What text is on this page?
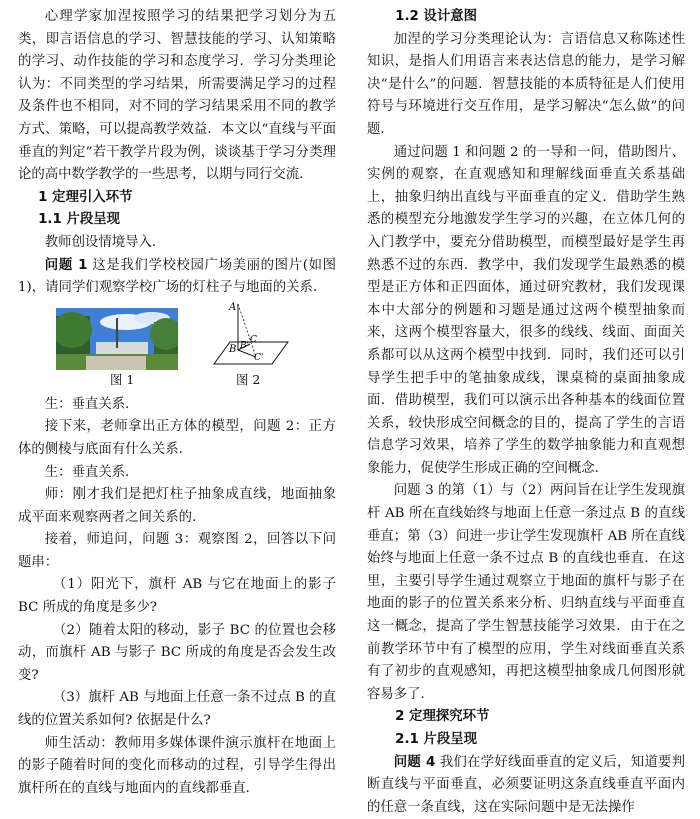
心理学家加涅按照学习的结果把学习划分为五类，即言语信息的学习、智慧技能的学习、认知策略的学习、动作技能的学习和态度学习．学习分类理论认为：不同类型的学习结果，所需要满足学习的过程及条件也不相同，对不同的学习结果采用不同的教学方式、策略，可以提高教学效益．本文以“直线与平面垂直的判定”若干教学片段为例，谈谈基于学习分类理论的高中数学教学的一些思考，以期与同行交流．

1 定理引入环节

1.1 片段呈现

教师创设情境导入．

问题 1 这是我们学校校园广场美丽的图片(如图 1)，请同学们观察学校广场的灯柱子与地面的关系．

A
B B'
C
C'
图 1	图 2

生：垂直关系．

接下来，老师拿出正方体的模型，问题 2：正方体的侧棱与底面有什么关系．

生：垂直关系．

师：刚才我们是把灯柱子抽象成直线，地面抽象成平面来观察两者之间关系的．

接着，师追问，问题 3：观察图 2，回答以下问题串：

（1）阳光下，旗杆 AB 与它在地面上的影子 BC 所成的角度是多少?

（2）随着太阳的移动，影子 BC 的位置也会移动，而旗杆 AB 与影子 BC 所成的角度是否会发生改变?

（3）旗杆 AB 与地面上任意一条不过点 B 的直线的位置关系如何? 依据是什么?

师生活动：教师用多媒体课件演示旗杆在地面上的影子随着时间的变化而移动的过程，引导学生得出旗杆所在的直线与地面内的直线都垂直．

1.2 设计意图

加涅的学习分类理论认为：言语信息又称陈述性知识，是指人们用语言来表达信息的能力，是学习解决“是什么”的问题．智慧技能的本质特征是人们使用符号与环境进行交互作用，是学习解决“怎么做”的问题．

通过问题 1 和问题 2 的一导和一问，借助图片、实例的观察，在直观感知和理解线面垂直关系基础上，抽象归纳出直线与平面垂直的定义．借助学生熟悉的模型充分地激发学生学习的兴趣，在立体几何的入门教学中，要充分借助模型，而模型最好是学生再熟悉不过的东西．教学中，我们发现学生最熟悉的模型是正方体和正四面体，通过研究教材，我们发现课本中大部分的例题和习题是通过这两个模型抽象而来，这两个模型容量大，很多的线线、线面、面面关系都可以从这两个模型中找到．同时，我们还可以引导学生把手中的笔抽象成线，课桌椅的桌面抽象成面．借助模型，我们可以演示出各种基本的线面位置关系，较快形成空间概念的目的，提高了学生的言语信息学习效果，培养了学生的数学抽象能力和直观想象能力，促使学生形成正确的空间概念．

问题 3 的第（1）与（2）两问旨在让学生发现旗杆 AB 所在直线始终与地面上任意一条过点 B 的直线垂直；第（3）问进一步让学生发现旗杆 AB 所在直线始终与地面上任意一条不过点 B 的直线也垂直．在这里，主要引导学生通过观察立于地面的旗杆与影子在地面的影子的位置关系来分析、归纳直线与平面垂直这一概念，提高了学生智慧技能学习效果．由于在之前教学环节中有了模型的应用，学生对线面垂直关系有了初步的直观感知，再把这模型抽象成几何图形就容易多了．

2 定理探究环节

2.1 片段呈现

问题 4 我们在学好线面垂直的定义后，知道要判断直线与平面垂直，必须要证明这条直线垂直平面内的任意一条直线，这在实际问题中是无法操作
